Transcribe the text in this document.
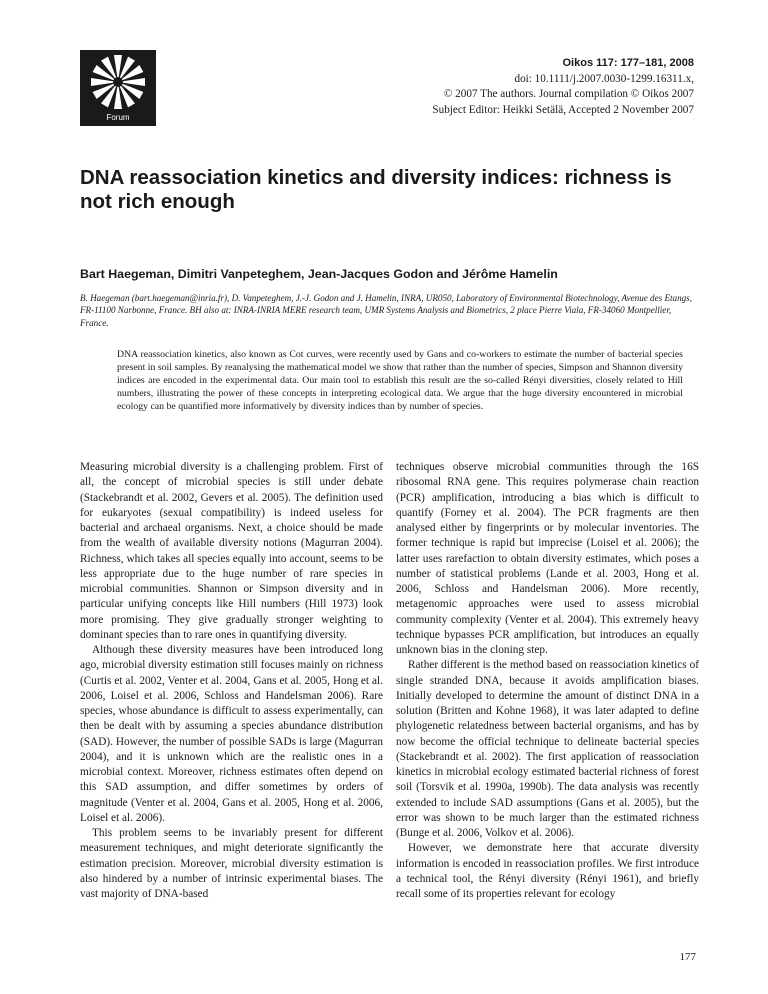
Forum
Oikos 117: 177–181, 2008
doi: 10.1111/j.2007.0030-1299.16311.x,
© 2007 The authors. Journal compilation © Oikos 2007
Subject Editor: Heikki Setälä, Accepted 2 November 2007
DNA reassociation kinetics and diversity indices: richness is not rich enough
Bart Haegeman, Dimitri Vanpeteghem, Jean-Jacques Godon and Jérôme Hamelin
B. Haegeman (bart.haegeman@inria.fr), D. Vanpeteghem, J.-J. Godon and J. Hamelin, INRA, UR050, Laboratory of Environmental Biotechnology, Avenue des Etangs, FR-11100 Narbonne, France. BH also at: INRA-INRIA MERE research team, UMR Systems Analysis and Biometrics, 2 place Pierre Viala, FR-34060 Montpellier, France.
DNA reassociation kinetics, also known as Cot curves, were recently used by Gans and co-workers to estimate the number of bacterial species present in soil samples. By reanalysing the mathematical model we show that rather than the number of species, Simpson and Shannon diversity indices are encoded in the experimental data. Our main tool to establish this result are the so-called Rényi diversities, closely related to Hill numbers, illustrating the power of these concepts in interpreting ecological data. We argue that the huge diversity encountered in microbial ecology can be quantified more informatively by diversity indices than by number of species.

Measuring microbial diversity is a challenging problem. First of all, the concept of microbial species is still under debate (Stackebrandt et al. 2002, Gevers et al. 2005). The definition used for eukaryotes (sexual compatibility) is indeed useless for bacterial and archaeal organisms. Next, a choice should be made from the wealth of available diversity notions (Magurran 2004). Richness, which takes all species equally into account, seems to be less appropriate due to the huge number of rare species in microbial communities. Shannon or Simpson diversity and in particular unifying concepts like Hill numbers (Hill 1973) look more promising. They give gradually stronger weighting to dominant species than to rare ones in quantifying diversity.

Although these diversity measures have been introduced long ago, microbial diversity estimation still focuses mainly on richness (Curtis et al. 2002, Venter et al. 2004, Gans et al. 2005, Hong et al. 2006, Loisel et al. 2006, Schloss and Handelsman 2006). Rare species, whose abundance is difficult to assess experimentally, can then be dealt with by assuming a species abundance distribution (SAD). However, the number of possible SADs is large (Magurran 2004), and it is unknown which are the realistic ones in a microbial context. Moreover, richness estimates often depend on this SAD assumption, and differ sometimes by orders of magnitude (Venter et al. 2004, Gans et al. 2005, Hong et al. 2006, Loisel et al. 2006).

This problem seems to be invariably present for different measurement techniques, and might deteriorate significantly the estimation precision. Moreover, microbial diversity estimation is also hindered by a number of intrinsic experimental biases. The vast majority of DNA-based

techniques observe microbial communities through the 16S ribosomal RNA gene. This requires polymerase chain reaction (PCR) amplification, introducing a bias which is difficult to quantify (Forney et al. 2004). The PCR fragments are then analysed either by fingerprints or by molecular inventories. The former technique is rapid but imprecise (Loisel et al. 2006); the latter uses rarefaction to obtain diversity estimates, which poses a number of statistical problems (Lande et al. 2003, Hong et al. 2006, Schloss and Handelsman 2006). More recently, metagenomic approaches were used to assess microbial community complexity (Venter et al. 2004). This extremely heavy technique bypasses PCR amplification, but introduces an equally unknown bias in the cloning step.

Rather different is the method based on reassociation kinetics of single stranded DNA, because it avoids amplification biases. Initially developed to determine the amount of distinct DNA in a solution (Britten and Kohne 1968), it was later adapted to define phylogenetic relatedness between bacterial organisms, and has by now become the official technique to delineate bacterial species (Stackebrandt et al. 2002). The first application of reassociation kinetics in microbial ecology estimated bacterial richness of forest soil (Torsvik et al. 1990a, 1990b). The data analysis was recently extended to include SAD assumptions (Gans et al. 2005), but the error was shown to be much larger than the estimated richness (Bunge et al. 2006, Volkov et al. 2006).

However, we demonstrate here that accurate diversity information is encoded in reassociation profiles. We first introduce a technical tool, the Rényi diversity (Rényi 1961), and briefly recall some of its properties relevant for ecology

177
